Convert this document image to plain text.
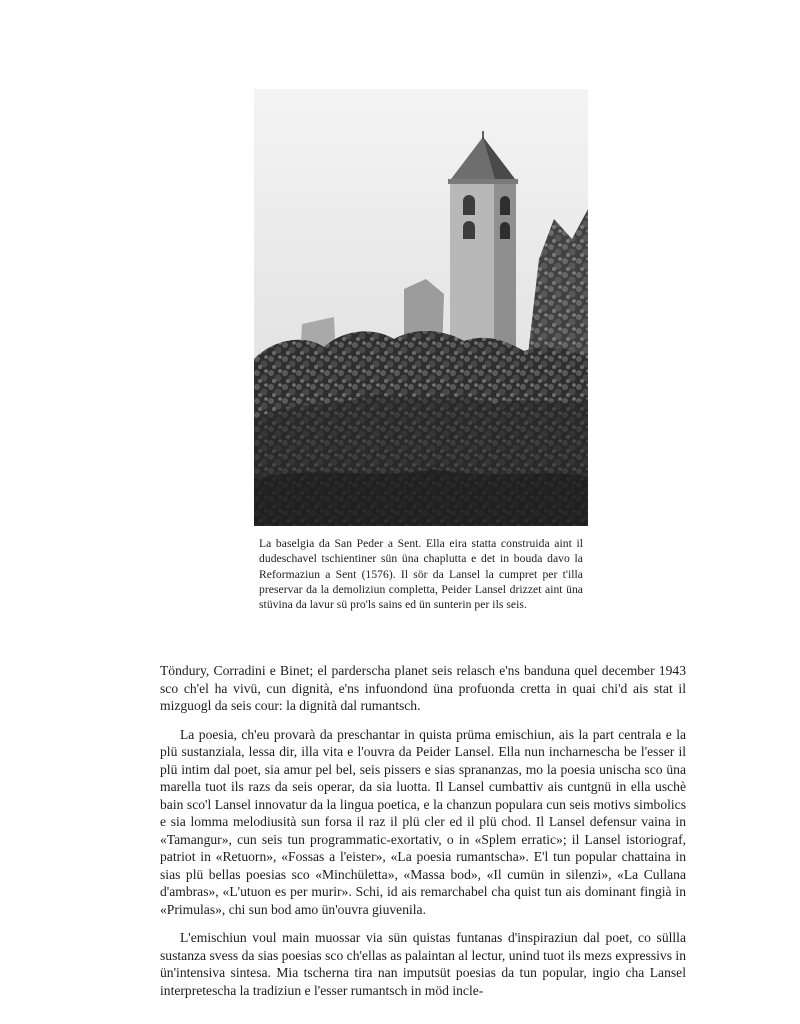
La baselgia da San Peder a Sent. Ella eira statta construida aint il dudeschavel tschientiner sün üna chaplutta e det in bouda davo la Reformaziun a Sent (1576). Il sör da Lansel la cumpret per t'illa preservar da la demoliziun completta, Peider Lansel drizzet aint üna stüvina da lavur sü pro'ls sains ed ün sunterin per ils seis.

Töndury, Corradini e Binet; el parderscha planet seis relasch e'ns banduna quel december 1943 sco ch'el ha vivü, cun dignità, e'ns infuondond üna profuonda cretta in quai chi'd ais stat il mizguogl da seis cour: la dignità dal rumantsch.

La poesia, ch'eu provarà da preschantar in quista prüma emischiun, ais la part centrala e la plü sustanziala, lessa dir, illa vita e l'ouvra da Peider Lansel. Ella nun incharnescha be l'esser il plü intim dal poet, sia amur pel bel, seis pissers e sias sprananzas, mo la poesia unischa sco üna marella tuot ils razs da seis operar, da sia luotta. Il Lansel cumbattiv ais cuntgnü in ella uschè bain sco'l Lansel innovatur da la lingua poetica, e la chanzun populara cun seis motivs simbolics e sia lomma melodiusità sun forsa il raz il plü cler ed il plü chod. Il Lansel defensur vaina in «Tamangur», cun seis tun programmatic-exortativ, o in «Splem erratic»; il Lansel istoriograf, patriot in «Retuorn», «Fossas a l'eister», «La poesia rumantscha». E'l tun popular chattaina in sias plü bellas poesias sco «Minchületta», «Massa bod», «Il cumün in silenzi», «La Cullana d'ambras», «L'utuon es per murir». Schi, id ais remarchabel cha quist tun ais dominant fingià in «Primulas», chi sun bod amo ün'ouvra giuvenila.

L'emischiun voul main muossar via sün quistas funtanas d'inspiraziun dal poet, co süllla sustanza svess da sias poesias sco ch'ellas as palaintan al lectur, unind tuot ils mezs expressivs in ün'intensiva sintesa. Mia tscherna tira nan imputsüt poesias da tun popular, ingio cha Lansel interpretescha la tradiziun e l'esser rumantsch in möd incle-
